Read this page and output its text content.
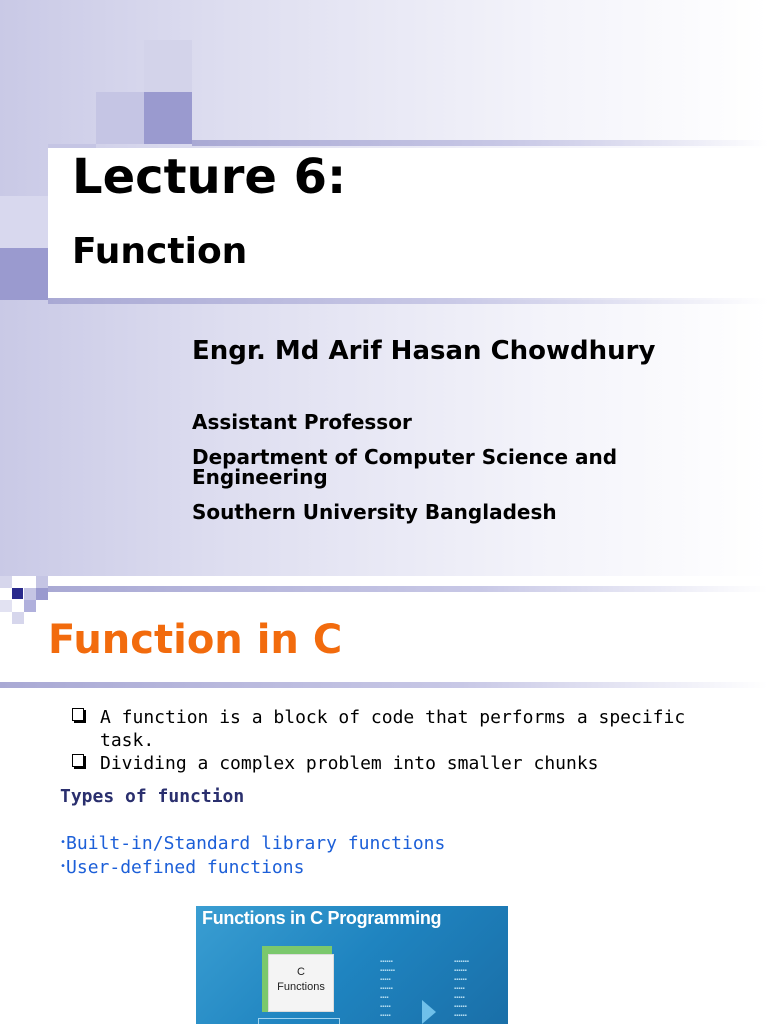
Lecture 6:
Function
Engr. Md Arif Hasan Chowdhury
Assistant Professor
Department of Computer Science and Engineering
Southern University Bangladesh
Function in C
A function is a block of code that performs a specific task.
Dividing a complex problem into smaller chunks
Types of function
•Built-in/Standard library functions
•User-defined functions
Functions in C Programming
C
Functions
▪▪▪▪▪▪
▪▪▪▪▪▪▪
▪▪▪▪▪
▪▪▪▪▪▪
▪▪▪▪
▪▪▪▪▪
▪▪▪▪▪
▪▪▪▪▪▪▪
▪▪▪▪▪▪
▪▪▪▪▪▪
▪▪▪▪▪
▪▪▪▪▪
▪▪▪▪▪▪
▪▪▪▪▪▪
